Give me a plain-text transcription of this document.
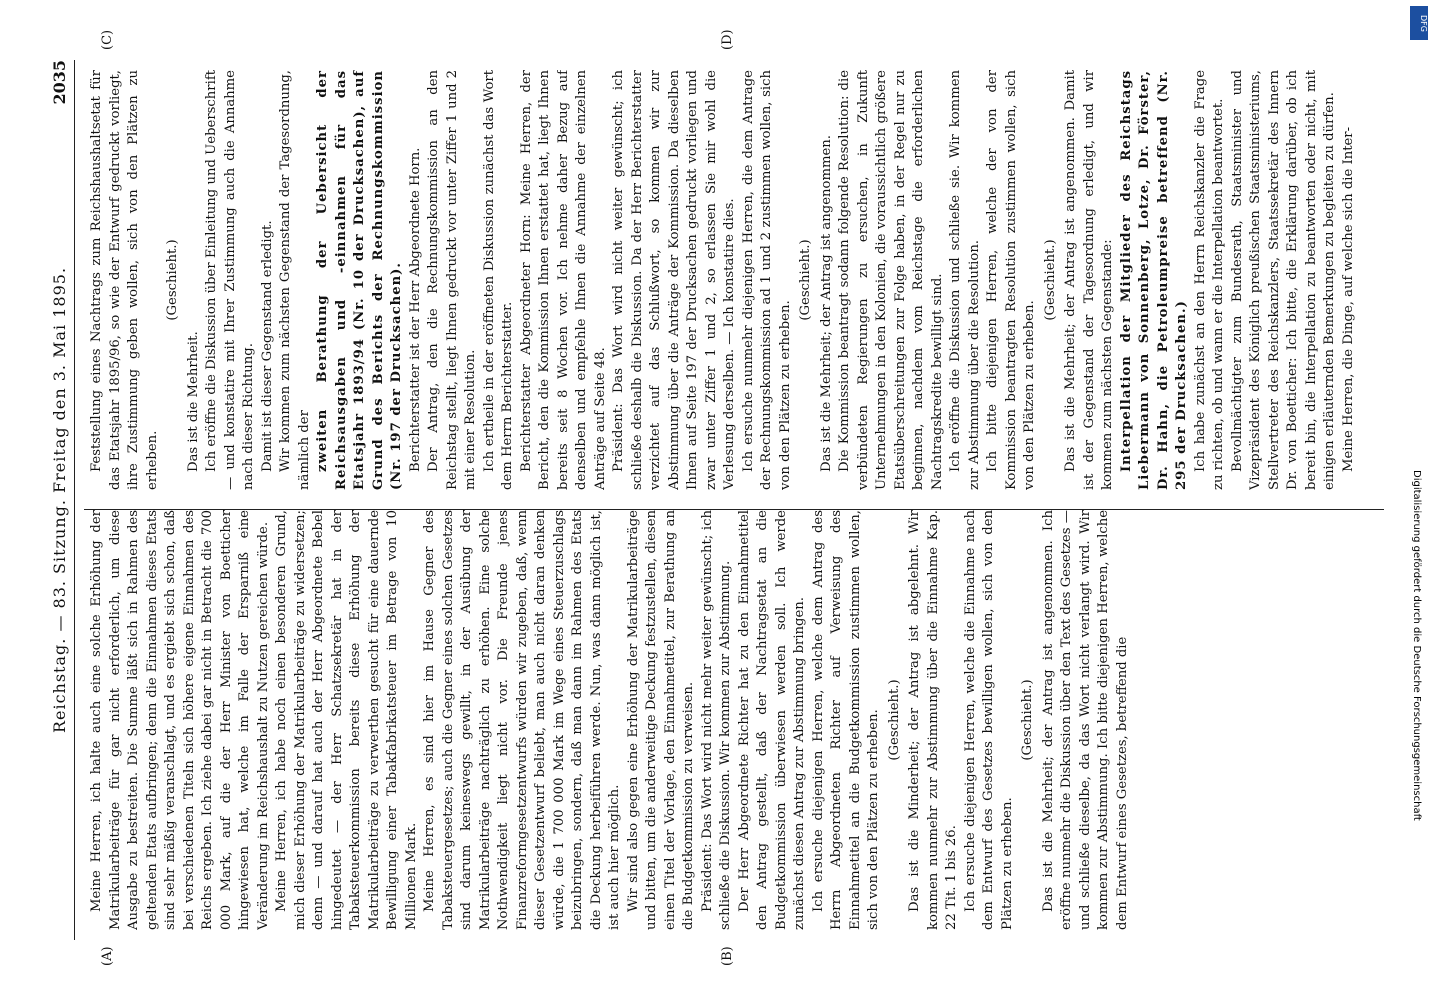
Reichstag. — 83. Sitzung. Freitag den 3. Mai 1895.
2035
(A)	(B)
(C)	(D)

Meine Herren, ich halte auch eine solche Erhöhung der Matrikularbeiträge für gar nicht erforderlich, um diese Ausgabe zu bestreiten. Die Summe läßt sich in Rahmen des geltenden Etats aufbringen; denn die Einnahmen dieses Etats sind sehr mäßig veranschlagt, und es ergiebt sich schon, daß bei verschiedenen Titeln sich höhere eigene Einnahmen des Reichs ergeben. Ich ziehe dabei gar nicht in Betracht die 700 000 Mark, auf die der Herr Minister von Boetticher hingewiesen hat, welche im Falle der Ersparniß eine Veränderung im Reichshaushalt zu Nutzen gereichen würde. Meine Herren, ich habe noch einen besonderen Grund, mich dieser Erhöhung der Matrikularbeiträge zu widersetzen; denn — und darauf hat auch der Herr Abgeordnete Bebel hingedeutet — der Herr Schatzsekretär hat in der Tabaksteuerkommission bereits diese Erhöhung der Matrikularbeiträge zu verwerthen gesucht für eine dauernde Bewilligung einer Tabakfabrikatsteuer im Betrage von 10 Millionen Mark. Meine Herren, es sind hier im Hause Gegner des Tabaksteuergesetzes; auch die Gegner eines solchen Gesetzes sind darum keineswegs gewillt, in der Ausübung der Matrikularbeiträge nachträglich zu erhöhen. Eine solche Nothwendigkeit liegt nicht vor. Die Freunde jenes Finanzreformgesetzentwurfs würden wir zugeben, daß, wenn dieser Gesetzentwurf beliebt, man auch nicht daran denken würde, die 1 700 000 Mark im Wege eines Steuerzuschlags beizubringen, sondern, daß man dann im Rahmen des Etats die Deckung herbeiführen werde. Nun, was dann möglich ist, ist auch hier möglich. Wir sind also gegen eine Erhöhung der Matrikularbeiträge und bitten, um die anderweitige Deckung festzustellen, diesen einen Titel der Vorlage, den Einnahmetitel, zur Berathung an die Budgetkommission zu verweisen. Präsident: Das Wort wird nicht mehr weiter gewünscht; ich schließe die Diskussion. Wir kommen zur Abstimmung. Der Herr Abgeordnete Richter hat zu den Einnahmetitel den Antrag gestellt, daß der Nachtragsetat an die Budgetkommission überwiesen werden soll. Ich werde zunächst diesen Antrag zur Abstimmung bringen. Ich ersuche diejenigen Herren, welche dem Antrag des Herrn Abgeordneten Richter auf Verweisung des Einnahmetitel an die Budgetkommission zustimmen wollen, sich von den Plätzen zu erheben. (Geschieht.) Das ist die Minderheit; der Antrag ist abgelehnt. Wir kommen nunmehr zur Abstimmung über die Einnahme Kap. 22 Tit. 1 bis 26. Ich ersuche diejenigen Herren, welche die Einnahme nach dem Entwurf des Gesetzes bewilligen wollen, sich von den Plätzen zu erheben.

(Geschieht.) Das ist die Mehrheit; der Antrag ist angenommen. Ich eröffne nunmehr die Diskussion über den Text des Gesetzes — und schließe dieselbe, da das Wort nicht verlangt wird. Wir kommen zur Abstimmung. Ich bitte diejenigen Herren, welche dem Entwurf eines Gesetzes, betreffend die

Feststellung eines Nachtrags zum Reichshaushaltsetat für das Etatsjahr 1895/96, so wie der Entwurf gedruckt vorliegt, ihre Zustimmung geben wollen, sich von den Plätzen zu erheben.

(Geschieht.)

Das ist die Mehrheit. Ich eröffne die Diskussion über Einleitung und Ueberschrift — und konstatire mit Ihrer Zustimmung auch die Annahme nach dieser Richtung. Damit ist dieser Gegenstand erledigt. Wir kommen zum nächsten Gegenstand der Tagesordnung, nämlich der zweiten Berathung der Uebersicht der Reichsausgaben und -einnahmen für das Etatsjahr 1893/94 (Nr. 10 der Drucksachen), auf Grund des Berichts der Rechnungskommission (Nr. 197 der Drucksachen). Berichterstatter ist der Herr Abgeordnete Horn. Der Antrag, den die Rechnungskommission an den Reichstag stellt, liegt Ihnen gedruckt vor unter Ziffer 1 und 2 mit einer Resolution. Ich ertheile in der eröffneten Diskussion zunächst das Wort dem Herrn Berichterstatter. Berichterstatter Abgeordneter Horn: Meine Herren, der Bericht, den die Kommission Ihnen erstattet hat, liegt Ihnen bereits seit 8 Wochen vor. Ich nehme daher Bezug auf denselben und empfehle Ihnen die Annahme der einzelnen Anträge auf Seite 48. Präsident: Das Wort wird nicht weiter gewünscht; ich schließe deshalb die Diskussion. Da der Herr Berichterstatter verzichtet auf das Schlußwort, so kommen wir zur Abstimmung über die Anträge der Kommission. Da dieselben Ihnen auf Seite 197 der Drucksachen gedruckt vorliegen und zwar unter Ziffer 1 und 2, so erlassen Sie mir wohl die Verlesung derselben. — Ich konstatire dies. Ich ersuche nunmehr diejenigen Herren, die dem Antrage der Rechnungskommission ad 1 und 2 zustimmen wollen, sich von den Plätzen zu erheben.

(Geschieht.) Das ist die Mehrheit; der Antrag ist angenommen. Die Kommission beantragt sodann folgende Resolution: die verbündeten Regierungen zu ersuchen, in Zukunft Unternehmungen in den Kolonien, die voraussichtlich größere Etatsüberschreitungen zur Folge haben, in der Regel nur zu beginnen, nachdem vom Reichstage die erforderlichen Nachtragskredite bewilligt sind. Ich eröffne die Diskussion und schließe sie. Wir kommen zur Abstimmung über die Resolution. Ich bitte diejenigen Herren, welche der von der Kommission beantragten Resolution zustimmen wollen, sich von den Plätzen zu erheben.

(Geschieht.) Das ist die Mehrheit; der Antrag ist angenommen. Damit ist der Gegenstand der Tagesordnung erledigt, und wir kommen zum nächsten Gegenstande: Interpellation der Mitglieder des Reichstags Liebermann von Sonnenberg, Lotze, Dr. Förster, Dr. Hahn, die Petroleumpreise betreffend (Nr. 295 der Drucksachen.) Ich habe zunächst an den Herrn Reichskanzler die Frage zu richten, ob und wann er die Interpellation beantwortet. Bevollmächtigter zum Bundesrath, Staatsminister und Vizepräsident des Königlich preußischen Staatsministeriums, Stellvertreter des Reichskanzlers, Staatssekretär des Innern Dr. von Boetticher: Ich bitte, die Erklärung darüber, ob ich bereit bin, die Interpellation zu beantworten oder nicht, mit einigen erläuternden Bemerkungen zu begleiten zu dürfen. Meine Herren, die Dinge, auf welche sich die Inter-

DFG
Digitalisierung gefördert durch die Deutsche Forschungsgemeinschaft
